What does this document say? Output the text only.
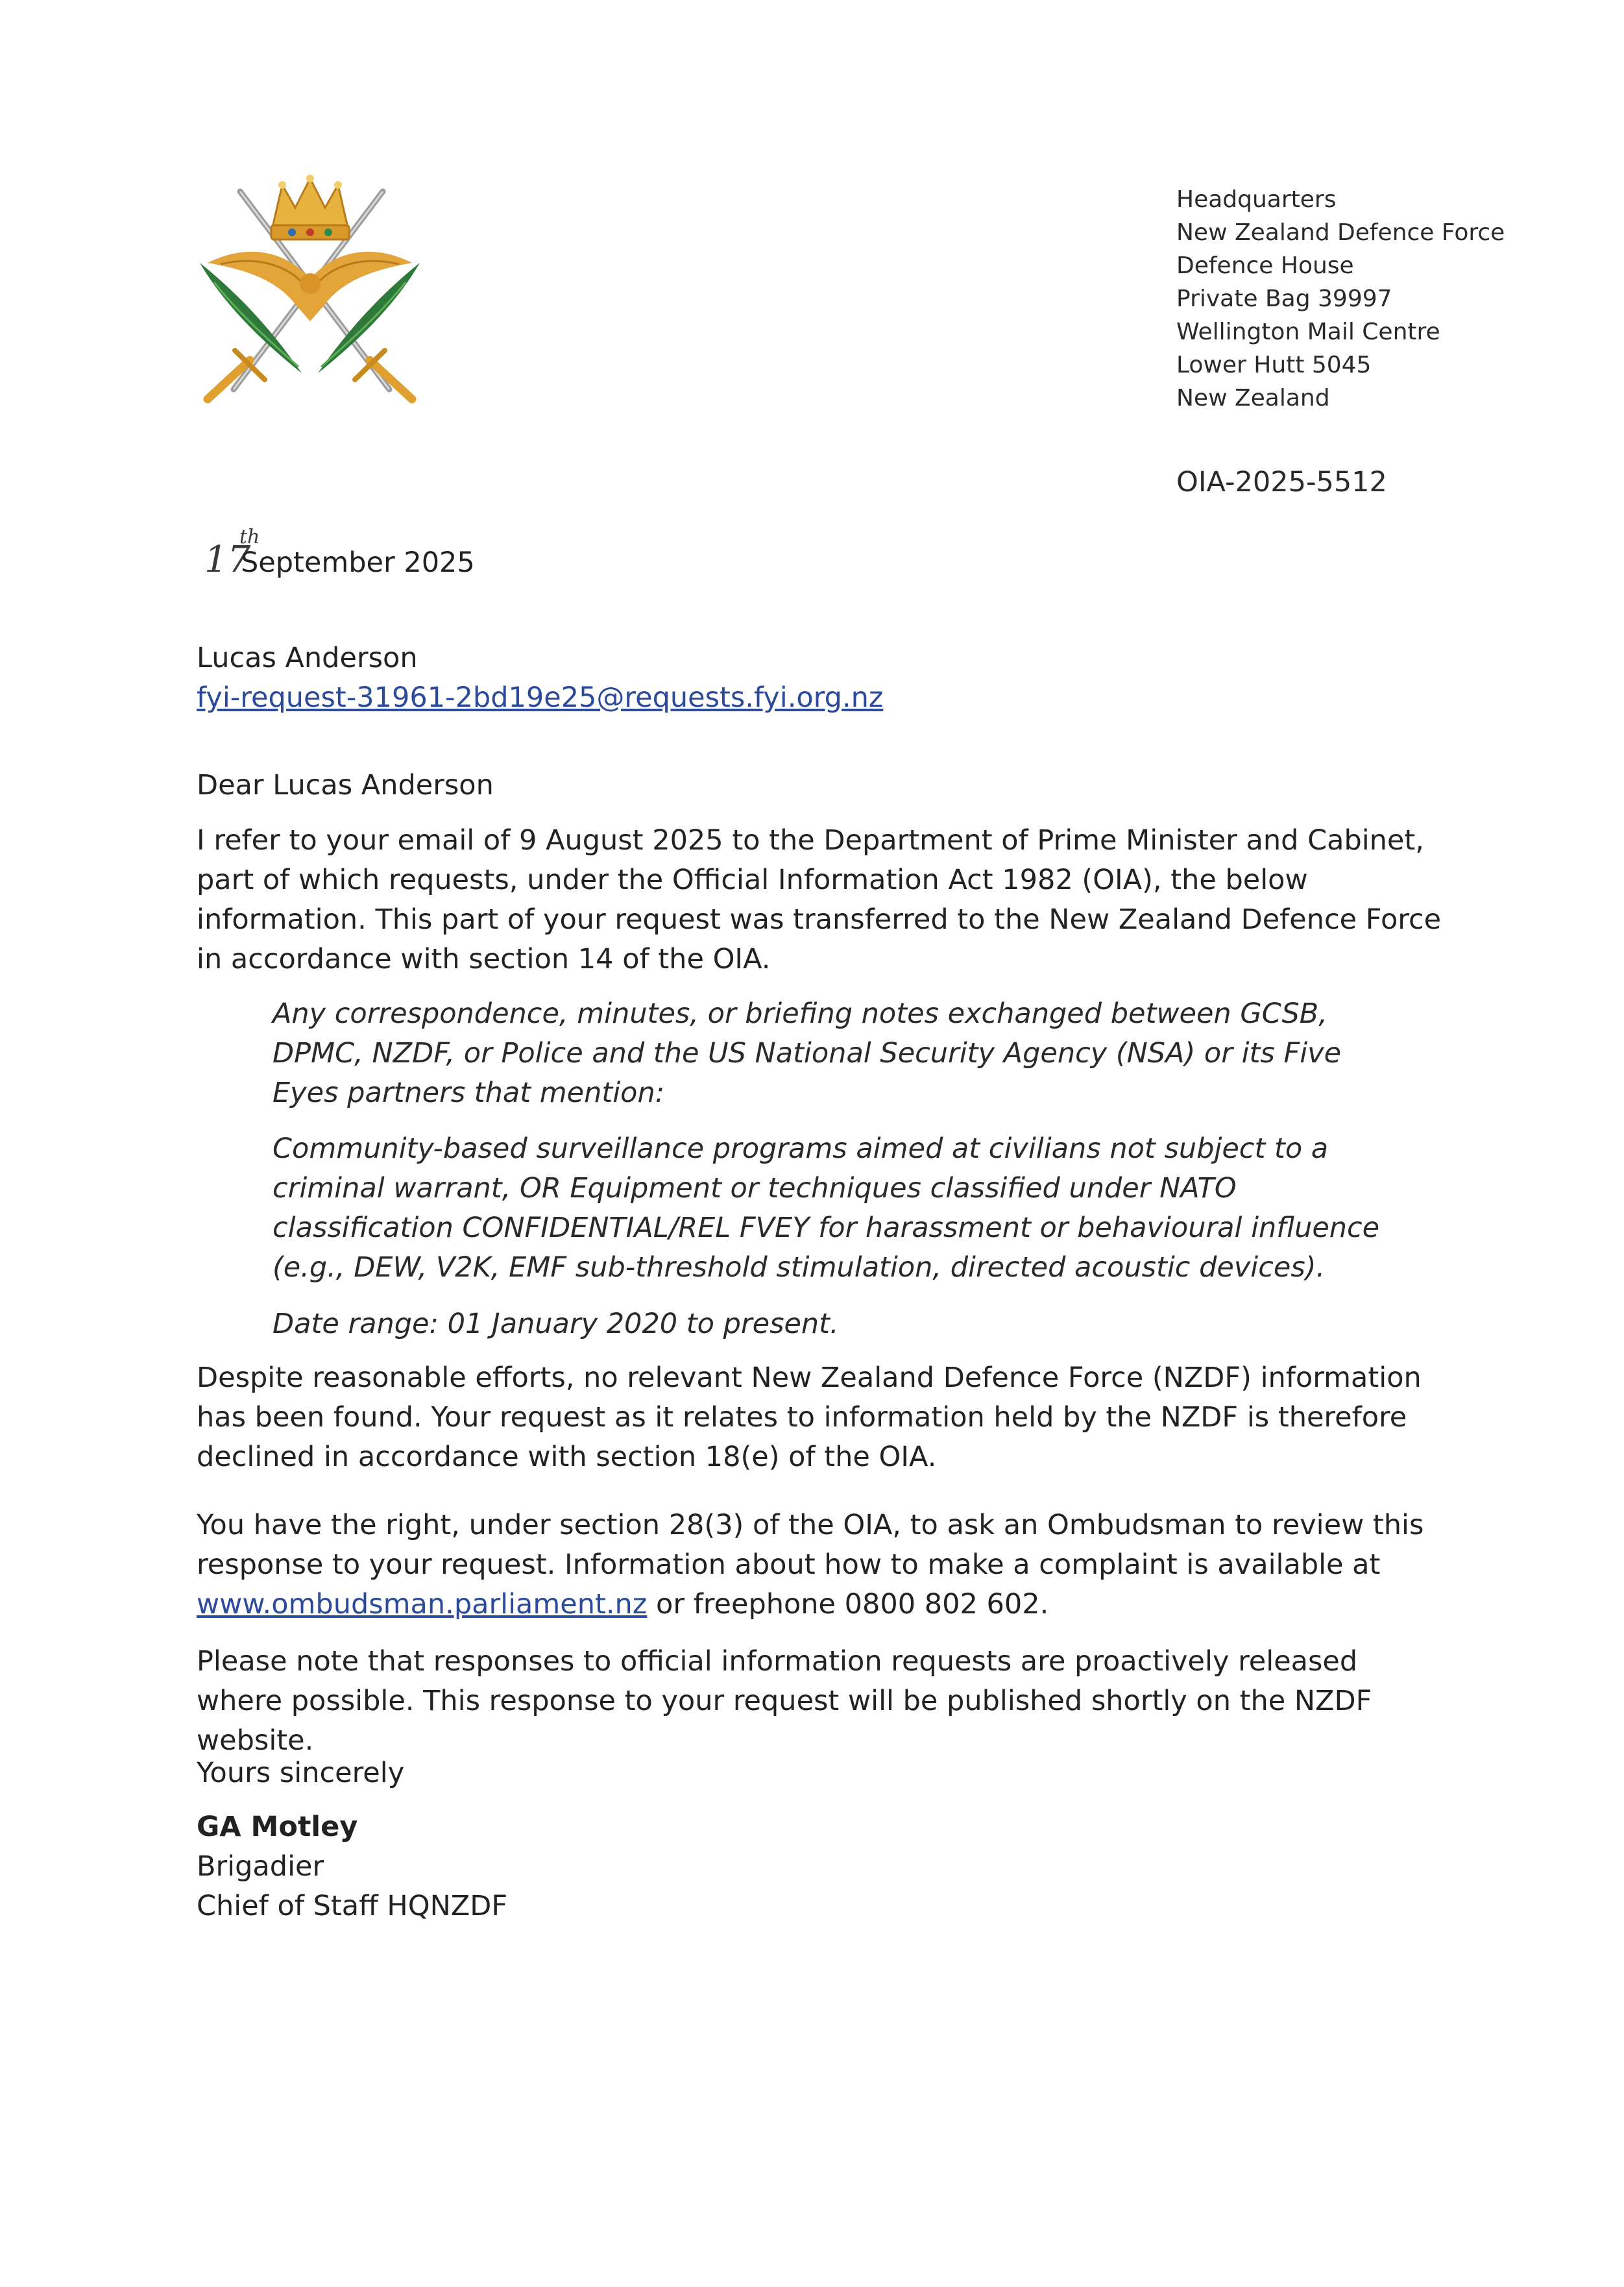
Headquarters
New Zealand Defence Force
Defence House
Private Bag 39997
Wellington Mail Centre
Lower Hutt 5045
New Zealand
OIA-2025-5512
17
th
September 2025

Lucas Anderson

fyi-request-31961-2bd19e25@requests.fyi.org.nz

Dear Lucas Anderson
I refer to your email of 9 August 2025 to the Department of Prime Minister and Cabinet, part of which requests, under the Official Information Act 1982 (OIA), the below information. This part of your request was transferred to the New Zealand Defence Force in accordance with section 14 of the OIA.
Any correspondence, minutes, or briefing notes exchanged between GCSB, DPMC, NZDF, or Police and the US National Security Agency (NSA) or its Five Eyes partners that mention:
Community-based surveillance programs aimed at civilians not subject to a criminal warrant, OR Equipment or techniques classified under NATO classification CONFIDENTIAL/REL FVEY for harassment or behavioural influence (e.g., DEW, V2K, EMF sub-threshold stimulation, directed acoustic devices).
Date range: 01 January 2020 to present.
Despite reasonable efforts, no relevant New Zealand Defence Force (NZDF) information has been found. Your request as it relates to information held by the NZDF is therefore declined in accordance with section 18(e) of the OIA.
You have the right, under section 28(3) of the OIA, to ask an Ombudsman to review this response to your request. Information about how to make a complaint is available at www.ombudsman.parliament.nz or freephone 0800 802 602.
Please note that responses to official information requests are proactively released where possible. This response to your request will be published shortly on the NZDF website.
Yours sincerely

GA Motley

Brigadier

Chief of Staff HQNZDF
